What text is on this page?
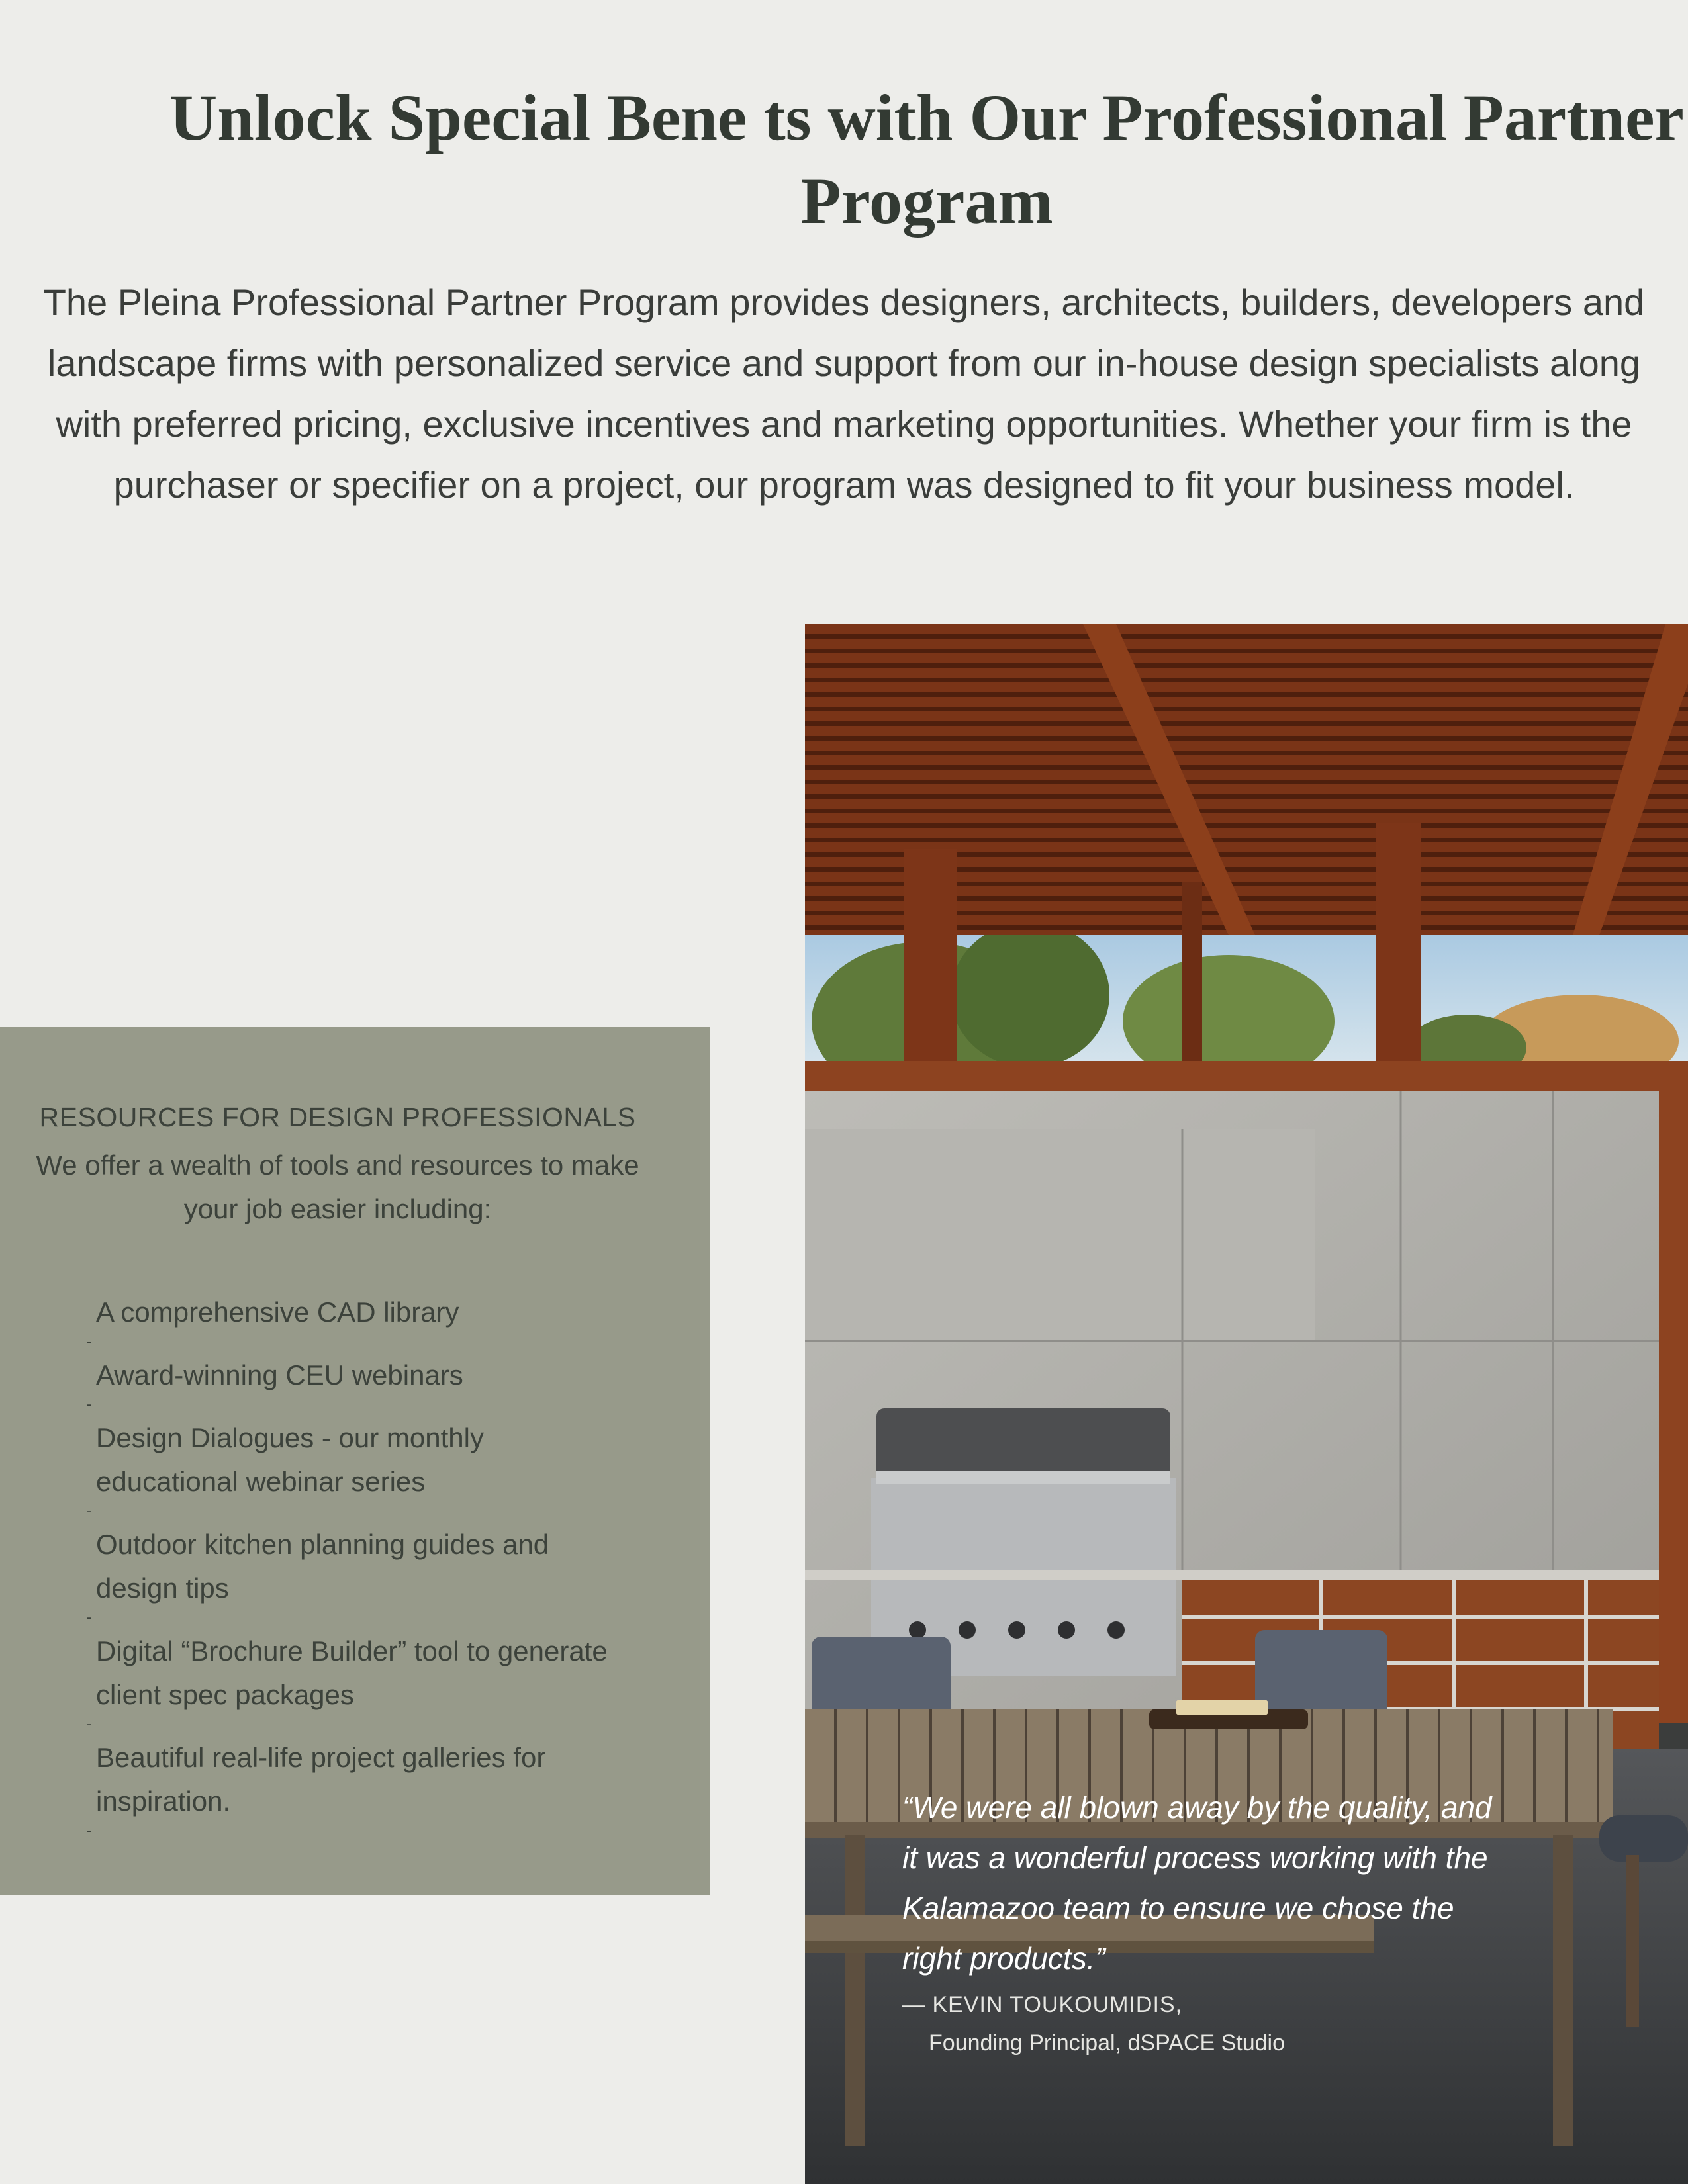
Unlock Special Bene ts with Our Professional Partner Program

The Pleina Professional Partner Program provides designers, architects, builders, developers and landscape firms with personalized service and support from our in-house design specialists along with preferred pricing, exclusive incentives and marketing opportunities. Whether your firm is the purchaser or specifier on a project, our program was designed to fit your business model.

RESOURCES FOR DESIGN PROFESSIONALS
We offer a wealth of tools and resources to make your job easier including:
A comprehensive CAD library
-
Award-winning CEU webinars
-
Design Dialogues - our monthly educational webinar series
-
Outdoor kitchen planning guides and design tips
-
Digital “Brochure Builder” tool to generate client spec packages
-
Beautiful real-life project galleries for inspiration.
-
“We were all blown away by the quality, and it was a wonderful process working with the Kalamazoo team to ensure we chose the right products.”
— KEVIN TOUKOUMIDIS,
Founding Principal, dSPACE Studio
